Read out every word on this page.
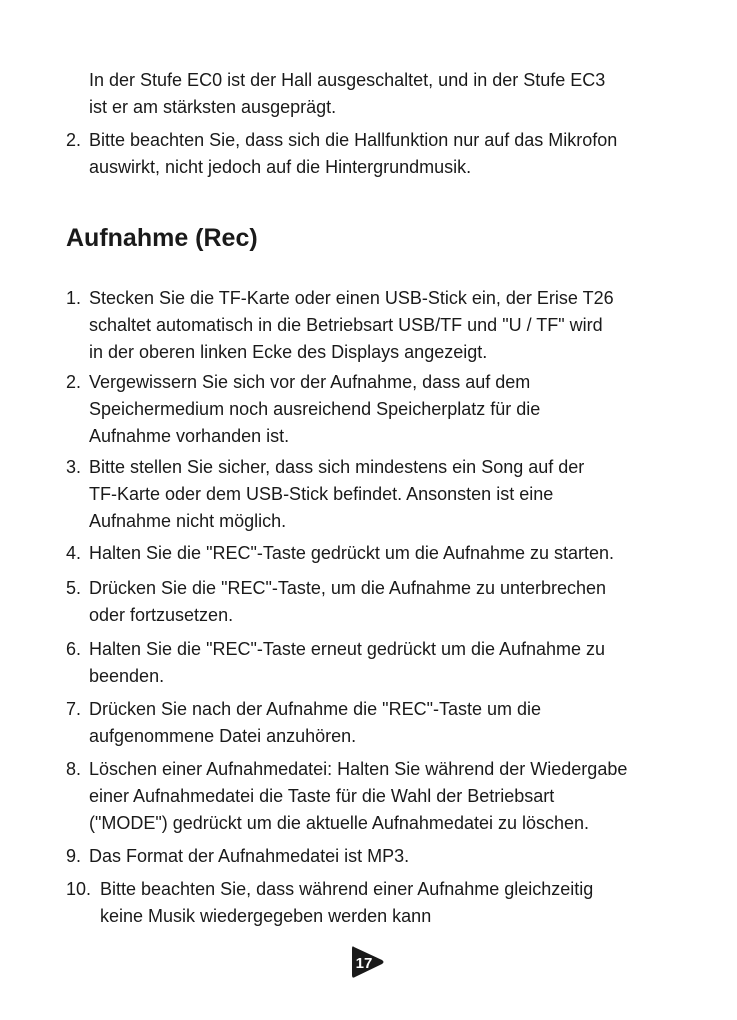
In der Stufe EC0 ist der Hall ausgeschaltet, und in der Stufe EC3
ist er am stärksten ausgeprägt.
2. Bitte beachten Sie, dass sich die Hallfunktion nur auf das Mikrofon
auswirkt, nicht jedoch auf die Hintergrundmusik.
Aufnahme (Rec)
1. Stecken Sie die TF-Karte oder einen USB-Stick ein, der Erise T26
schaltet automatisch in die Betriebsart USB/TF und "U / TF" wird
in der oberen linken Ecke des Displays angezeigt.
2. Vergewissern Sie sich vor der Aufnahme, dass auf dem
Speichermedium noch ausreichend Speicherplatz für die
Aufnahme vorhanden ist.
3. Bitte stellen Sie sicher, dass sich mindestens ein Song auf der
TF-Karte oder dem USB-Stick befindet. Ansonsten ist eine
Aufnahme nicht möglich.
4. Halten Sie die "REC"-Taste gedrückt um die Aufnahme zu starten.
5. Drücken Sie die "REC"-Taste, um die Aufnahme zu unterbrechen
oder fortzusetzen.
6. Halten Sie die "REC"-Taste erneut gedrückt um die Aufnahme zu
beenden.
7. Drücken Sie nach der Aufnahme die "REC"-Taste um die
aufgenommene Datei anzuhören.
8. Löschen einer Aufnahmedatei: Halten Sie während der Wiedergabe
einer Aufnahmedatei die Taste für die Wahl der Betriebsart
("MODE") gedrückt um die aktuelle Aufnahmedatei zu löschen.
9. Das Format der Aufnahmedatei ist MP3.
10. Bitte beachten Sie, dass während einer Aufnahme gleichzeitig
keine Musik wiedergegeben werden kann
17
